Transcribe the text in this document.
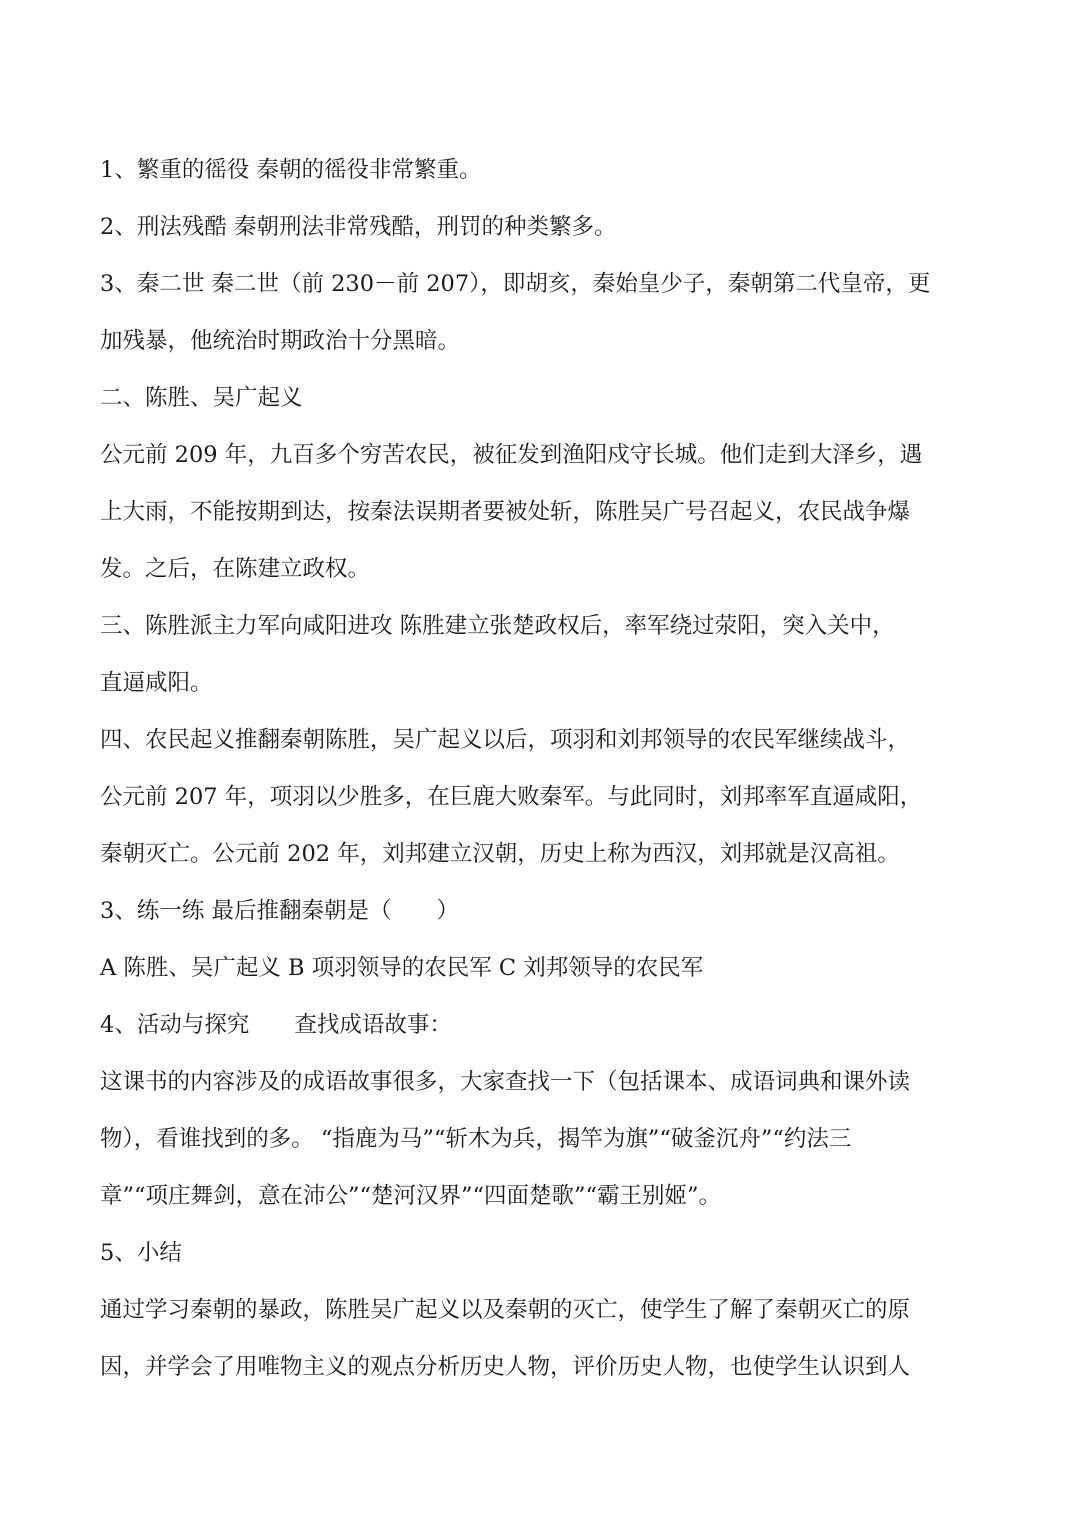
1、繁重的徭役 秦朝的徭役非常繁重。
2、刑法残酷 秦朝刑法非常残酷，刑罚的种类繁多。
3、秦二世 秦二世（前 230－前 207），即胡亥，秦始皇少子，秦朝第二代皇帝，更
加残暴，他统治时期政治十分黑暗。
二、陈胜、吴广起义
公元前 209 年，九百多个穷苦农民，被征发到渔阳戍守长城。他们走到大泽乡，遇
上大雨，不能按期到达，按秦法误期者要被处斩，陈胜吴广号召起义，农民战争爆
发。之后，在陈建立政权。
三、陈胜派主力军向咸阳进攻 陈胜建立张楚政权后，率军绕过荥阳，突入关中，
直逼咸阳。
四、农民起义推翻秦朝陈胜，吴广起义以后，项羽和刘邦领导的农民军继续战斗，
公元前 207 年，项羽以少胜多，在巨鹿大败秦军。与此同时，刘邦率军直逼咸阳，
秦朝灭亡。公元前 202 年，刘邦建立汉朝，历史上称为西汉，刘邦就是汉高祖。
3、练一练 最后推翻秦朝是（　　）
A 陈胜、吴广起义 B 项羽领导的农民军 C 刘邦领导的农民军
4、活动与探究　　查找成语故事：
这课书的内容涉及的成语故事很多，大家查找一下（包括课本、成语词典和课外读
物），看谁找到的多。 “指鹿为马”“斩木为兵，揭竿为旗”“破釜沉舟”“约法三
章”“项庄舞剑，意在沛公”“楚河汉界”“四面楚歌”“霸王别姬”。
5、小结
通过学习秦朝的暴政，陈胜吴广起义以及秦朝的灭亡，使学生了解了秦朝灭亡的原
因，并学会了用唯物主义的观点分析历史人物，评价历史人物，也使学生认识到人
